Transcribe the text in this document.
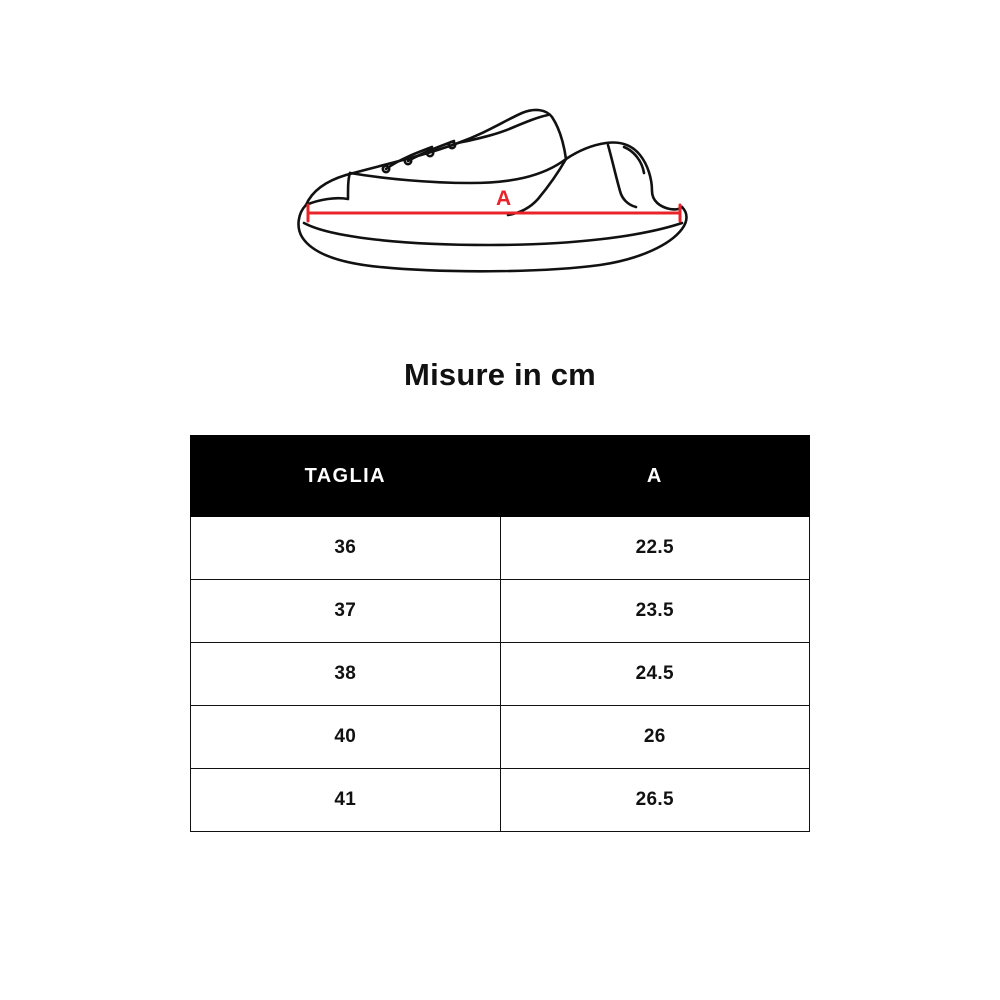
A
Misure in cm
TAGLIA	A
36	22.5
37	23.5
38	24.5
40	26
41	26.5
